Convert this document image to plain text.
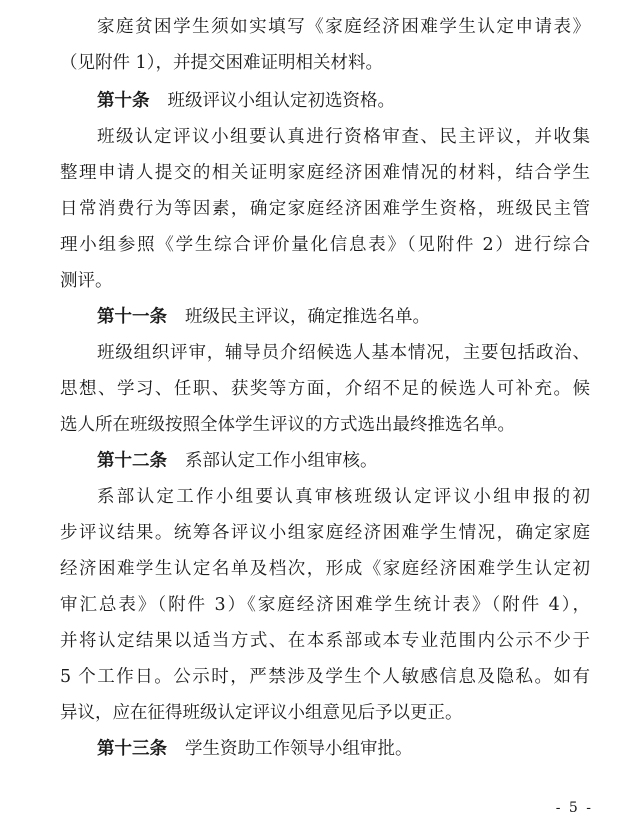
家庭贫困学生须如实填写《家庭经济困难学生认定申请表》
（见附件 1），并提交困难证明相关材料。
第十条 班级评议小组认定初选资格。
班级认定评议小组要认真进行资格审查、民主评议，并收集
整理申请人提交的相关证明家庭经济困难情况的材料，结合学生
日常消费行为等因素，确定家庭经济困难学生资格，班级民主管
理小组参照《学生综合评价量化信息表》（见附件 2）进行综合
测评。
第十一条 班级民主评议，确定推选名单。
班级组织评审，辅导员介绍候选人基本情况，主要包括政治、
思想、学习、任职、获奖等方面，介绍不足的候选人可补充。候
选人所在班级按照全体学生评议的方式选出最终推选名单。
第十二条 系部认定工作小组审核。
系部认定工作小组要认真审核班级认定评议小组申报的初
步评议结果。统筹各评议小组家庭经济困难学生情况，确定家庭
经济困难学生认定名单及档次，形成《家庭经济困难学生认定初
审汇总表》（附件 3）《家庭经济困难学生统计表》（附件 4），
并将认定结果以适当方式、在本系部或本专业范围内公示不少于
5 个工作日。公示时，严禁涉及学生个人敏感信息及隐私。如有
异议，应在征得班级认定评议小组意见后予以更正。
第十三条 学生资助工作领导小组审批。
- 5 -
